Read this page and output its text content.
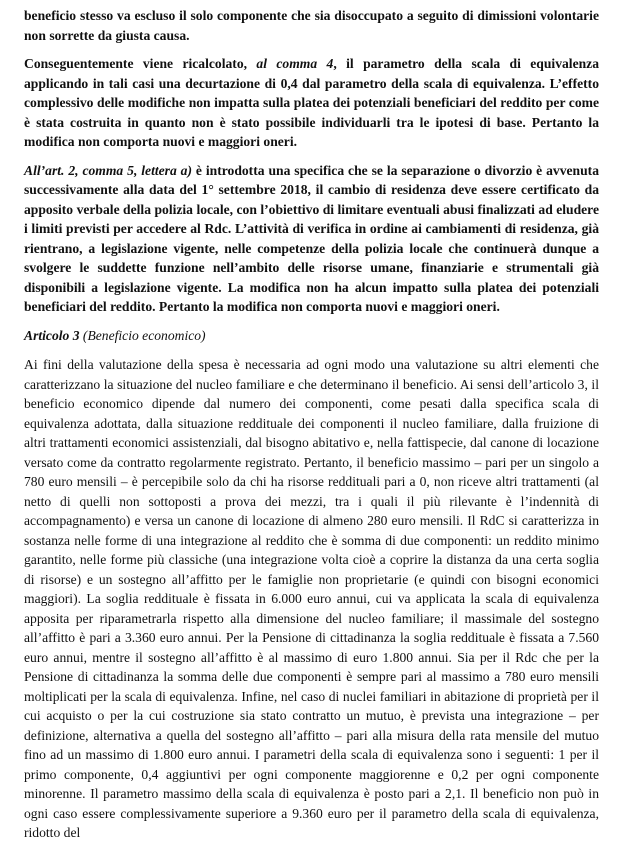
beneficio stesso va escluso il solo componente che sia disoccupato a seguito di dimissioni volontarie non sorrette da giusta causa.

Conseguentemente viene ricalcolato, al comma 4, il parametro della scala di equivalenza applicando in tali casi una decurtazione di 0,4 dal parametro della scala di equivalenza. L’effetto complessivo delle modifiche non impatta sulla platea dei potenziali beneficiari del reddito per come è stata costruita in quanto non è stato possibile individuarli tra le ipotesi di base. Pertanto la modifica non comporta nuovi e maggiori oneri.

All’art. 2, comma 5, lettera a) è introdotta una specifica che se la separazione o divorzio è avvenuta successivamente alla data del 1° settembre 2018, il cambio di residenza deve essere certificato da apposito verbale della polizia locale, con l’obiettivo di limitare eventuali abusi finalizzati ad eludere i limiti previsti per accedere al Rdc. L’attività di verifica in ordine ai cambiamenti di residenza, già rientrano, a legislazione vigente, nelle competenze della polizia locale che continuerà dunque a svolgere le suddette funzione nell’ambito delle risorse umane, finanziarie e strumentali già disponibili a legislazione vigente. La modifica non ha alcun impatto sulla platea dei potenziali beneficiari del reddito. Pertanto la modifica non comporta nuovi e maggiori oneri.

Articolo 3 (Beneficio economico)

Ai fini della valutazione della spesa è necessaria ad ogni modo una valutazione su altri elementi che caratterizzano la situazione del nucleo familiare e che determinano il beneficio. Ai sensi dell’articolo 3, il beneficio economico dipende dal numero dei componenti, come pesati dalla specifica scala di equivalenza adottata, dalla situazione reddituale dei componenti il nucleo familiare, dalla fruizione di altri trattamenti economici assistenziali, dal bisogno abitativo e, nella fattispecie, dal canone di locazione versato come da contratto regolarmente registrato. Pertanto, il beneficio massimo – pari per un singolo a 780 euro mensili – è percepibile solo da chi ha risorse reddituali pari a 0, non riceve altri trattamenti (al netto di quelli non sottoposti a prova dei mezzi, tra i quali il più rilevante è l’indennità di accompagnamento) e versa un canone di locazione di almeno 280 euro mensili. Il RdC si caratterizza in sostanza nelle forme di una integrazione al reddito che è somma di due componenti: un reddito minimo garantito, nelle forme più classiche (una integrazione volta cioè a coprire la distanza da una certa soglia di risorse) e un sostegno all’affitto per le famiglie non proprietarie (e quindi con bisogni economici maggiori). La soglia reddituale è fissata in 6.000 euro annui, cui va applicata la scala di equivalenza apposita per riparametrarla rispetto alla dimensione del nucleo familiare; il massimale del sostegno all’affitto è pari a 3.360 euro annui. Per la Pensione di cittadinanza la soglia reddituale è fissata a 7.560 euro annui, mentre il sostegno all’affitto è al massimo di euro 1.800 annui. Sia per il Rdc che per la Pensione di cittadinanza la somma delle due componenti è sempre pari al massimo a 780 euro mensili moltiplicati per la scala di equivalenza. Infine, nel caso di nuclei familiari in abitazione di proprietà per il cui acquisto o per la cui costruzione sia stato contratto un mutuo, è prevista una integrazione – per definizione, alternativa a quella del sostegno all’affitto – pari alla misura della rata mensile del mutuo fino ad un massimo di 1.800 euro annui. I parametri della scala di equivalenza sono i seguenti: 1 per il primo componente, 0,4 aggiuntivi per ogni componente maggiorenne e 0,2 per ogni componente minorenne. Il parametro massimo della scala di equivalenza è posto pari a 2,1. Il beneficio non può in ogni caso essere complessivamente superiore a 9.360 euro per il parametro della scala di equivalenza, ridotto del
